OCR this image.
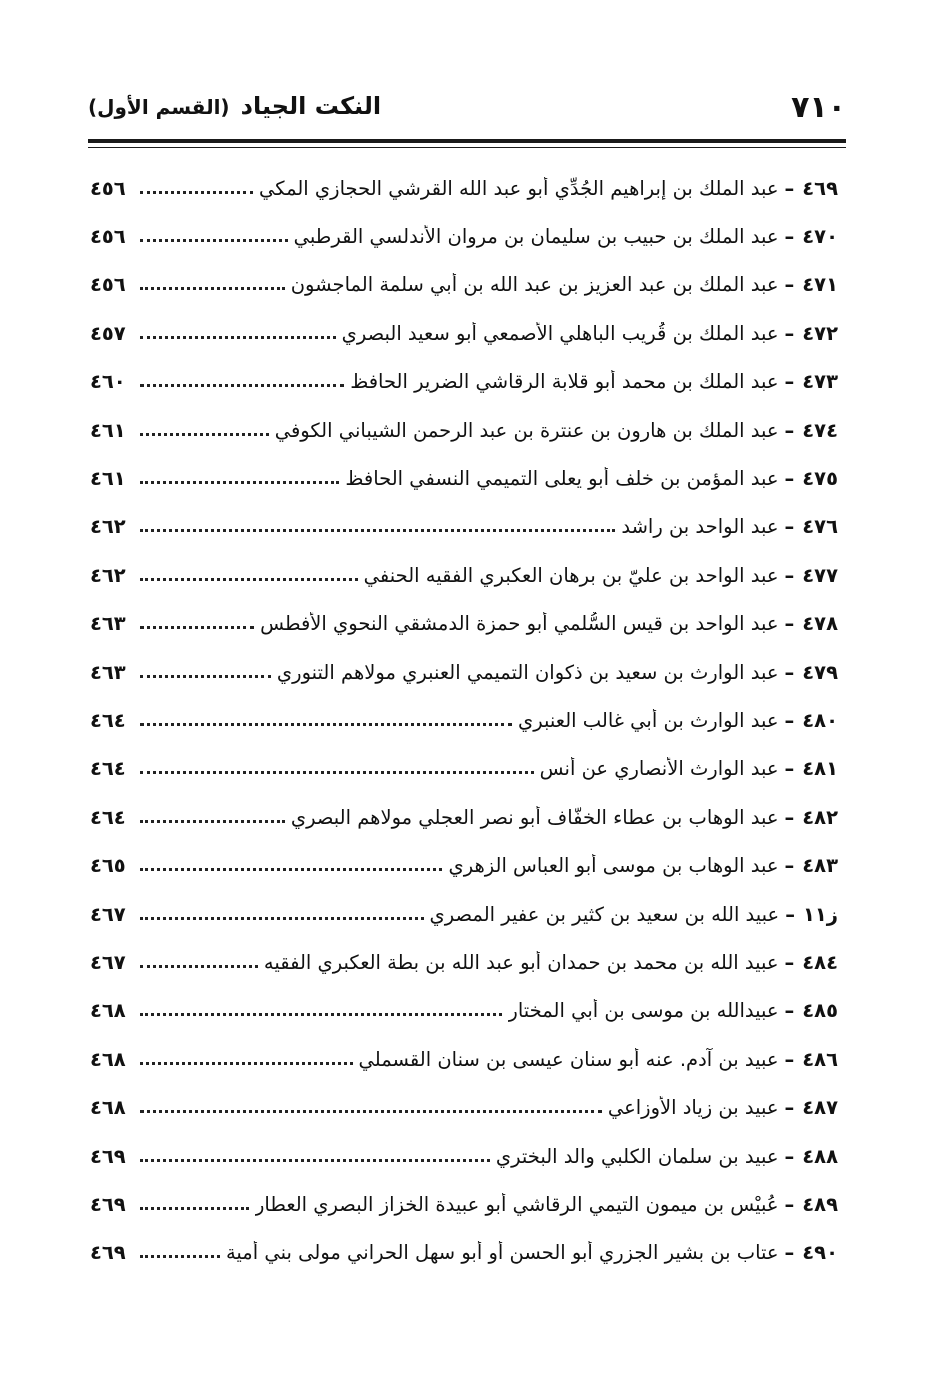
٧١٠
النكت الجياد (القسم الأول)
٤٦٩
–
عبد الملك بن إبراهيم الجُدِّي أبو عبد الله القرشي الحجازي المكي
٤٥٦
٤٧٠
–
عبد الملك بن حبيب بن سليمان بن مروان الأندلسي القرطبي
٤٥٦
٤٧١
–
عبد الملك بن عبد العزيز بن عبد الله بن أبي سلمة الماجشون
٤٥٦
٤٧٢
–
عبد الملك بن قُريب الباهلي الأصمعي أبو سعيد البصري
٤٥٧
٤٧٣
–
عبد الملك بن محمد أبو قلابة الرقاشي الضرير الحافظ
٤٦٠
٤٧٤
–
عبد الملك بن هارون بن عنترة بن عبد الرحمن الشيباني الكوفي
٤٦١
٤٧٥
–
عبد المؤمن بن خلف أبو يعلى التميمي النسفي الحافظ
٤٦١
٤٧٦
–
عبد الواحد بن راشد
٤٦٢
٤٧٧
–
عبد الواحد بن عليّ بن برهان العكبري الفقيه الحنفي
٤٦٢
٤٧٨
–
عبد الواحد بن قيس السُّلمي أبو حمزة الدمشقي النحوي الأفطس
٤٦٣
٤٧٩
–
عبد الوارث بن سعيد بن ذكوان التميمي العنبري مولاهم التنوري
٤٦٣
٤٨٠
–
عبد الوارث بن أبي غالب العنبري
٤٦٤
٤٨١
–
عبد الوارث الأنصاري عن أنس
٤٦٤
٤٨٢
–
عبد الوهاب بن عطاء الخفّاف أبو نصر العجلي مولاهم البصري
٤٦٤
٤٨٣
–
عبد الوهاب بن موسى أبو العباس الزهري
٤٦٥
ز١١
–
عبيد الله بن سعيد بن كثير بن عفير المصري
٤٦٧
٤٨٤
–
عبيد الله بن محمد بن حمدان أبو عبد الله بن بطة العكبري الفقيه
٤٦٧
٤٨٥
–
عبيدالله بن موسى بن أبي المختار
٤٦٨
٤٨٦
–
عبيد بن آدم. عنه أبو سنان عيسى بن سنان القسملي
٤٦٨
٤٨٧
–
عبيد بن زياد الأوزاعي
٤٦٨
٤٨٨
–
عبيد بن سلمان الكلبي والد البختري
٤٦٩
٤٨٩
–
عُبيْس بن ميمون التيمي الرقاشي أبو عبيدة الخزاز البصري العطار
٤٦٩
٤٩٠
–
عتاب بن بشير الجزري أبو الحسن أو أبو سهل الحراني مولى بني أمية
٤٦٩
